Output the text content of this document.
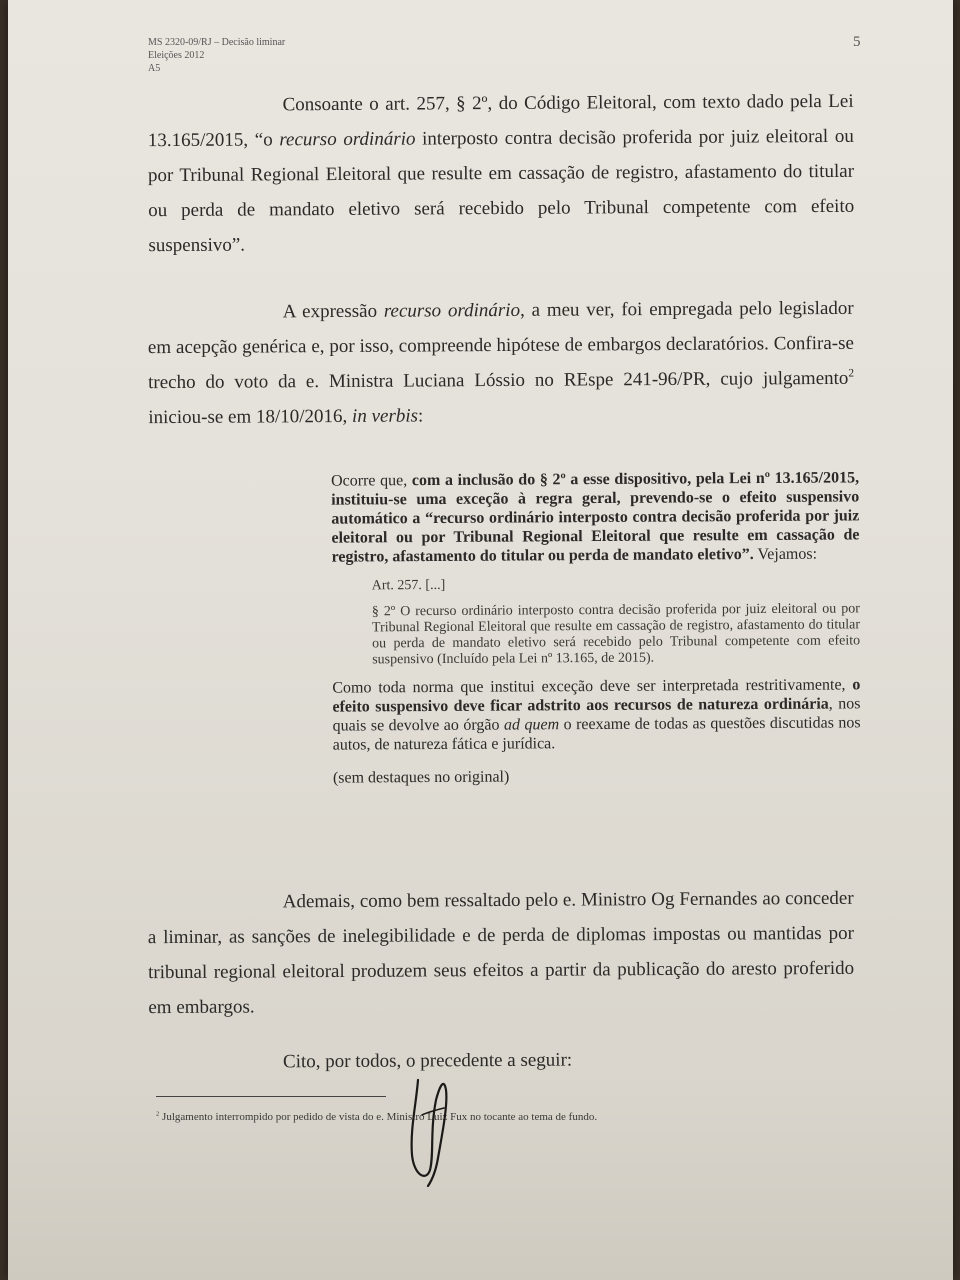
MS 2320-09/RJ – Decisão liminar
Eleições 2012
A5
5
Consoante o art. 257, § 2º, do Código Eleitoral, com texto dado pela Lei 13.165/2015, “o recurso ordinário interposto contra decisão proferida por juiz eleitoral ou por Tribunal Regional Eleitoral que resulte em cassação de registro, afastamento do titular ou perda de mandato eletivo será recebido pelo Tribunal competente com efeito suspensivo”.
A expressão recurso ordinário, a meu ver, foi empregada pelo legislador em acepção genérica e, por isso, compreende hipótese de embargos declaratórios. Confira-se trecho do voto da e. Ministra Luciana Lóssio no REspe 241-96/PR, cujo julgamento$^2$ iniciou-se em 18/10/2016, in verbis:

Ocorre que, com a inclusão do § 2º a esse dispositivo, pela Lei nº 13.165/2015, instituiu-se uma exceção à regra geral, prevendo-se o efeito suspensivo automático a “recurso ordinário interposto contra decisão proferida por juiz eleitoral ou por Tribunal Regional Eleitoral que resulte em cassação de registro, afastamento do titular ou perda de mandato eletivo”. Vejamos:

Art. 257. [...]

§ 2º O recurso ordinário interposto contra decisão proferida por juiz eleitoral ou por Tribunal Regional Eleitoral que resulte em cassação de registro, afastamento do titular ou perda de mandato eletivo será recebido pelo Tribunal competente com efeito suspensivo (Incluído pela Lei nº 13.165, de 2015).

Como toda norma que institui exceção deve ser interpretada restritivamente, o efeito suspensivo deve ficar adstrito aos recursos de natureza ordinária, nos quais se devolve ao órgão ad quem o reexame de todas as questões discutidas nos autos, de natureza fática e jurídica.

(sem destaques no original)

Ademais, como bem ressaltado pelo e. Ministro Og Fernandes ao conceder a liminar, as sanções de inelegibilidade e de perda de diplomas impostas ou mantidas por tribunal regional eleitoral produzem seus efeitos a partir da publicação do aresto proferido em embargos.
Cito, por todos, o precedente a seguir:
$^2$ Julgamento interrompido por pedido de vista do e. Ministro Luiz Fux no tocante ao tema de fundo.
